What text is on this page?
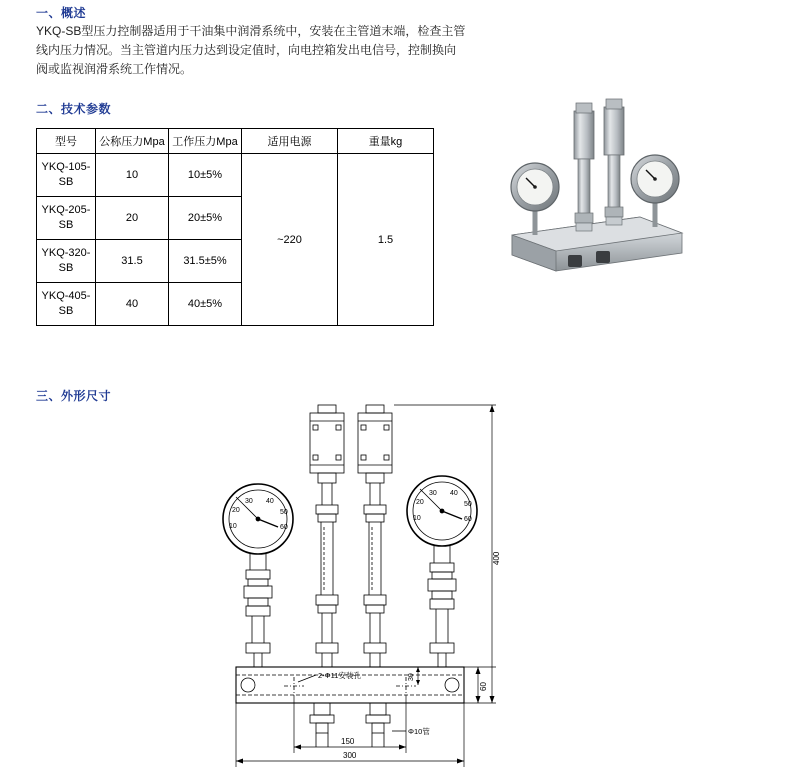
一、概述
YKQ-SB型压力控制器适用于干油集中润滑系统中，安装在主管道末端，检查主管线内压力情况。当主管道内压力达到设定值时，向电控箱发出电信号，控制换向阀或监视润滑系统工作情况。
二、技术参数
型号	公称压力Mpa	工作压力Mpa	适用电源	重量kg
YKQ-105-SB	10	10±5%	~220	1.5
YKQ-205-SB	20	20±5%		
YKQ-320-SB	31.5	31.5±5%		
YKQ-405-SB	40	40±5%		
三、外形尺寸
30
20
10
40
50
60
30
20
10
40
50
60
2-Φ11安装孔
Φ10管
400
60
30
150
300
